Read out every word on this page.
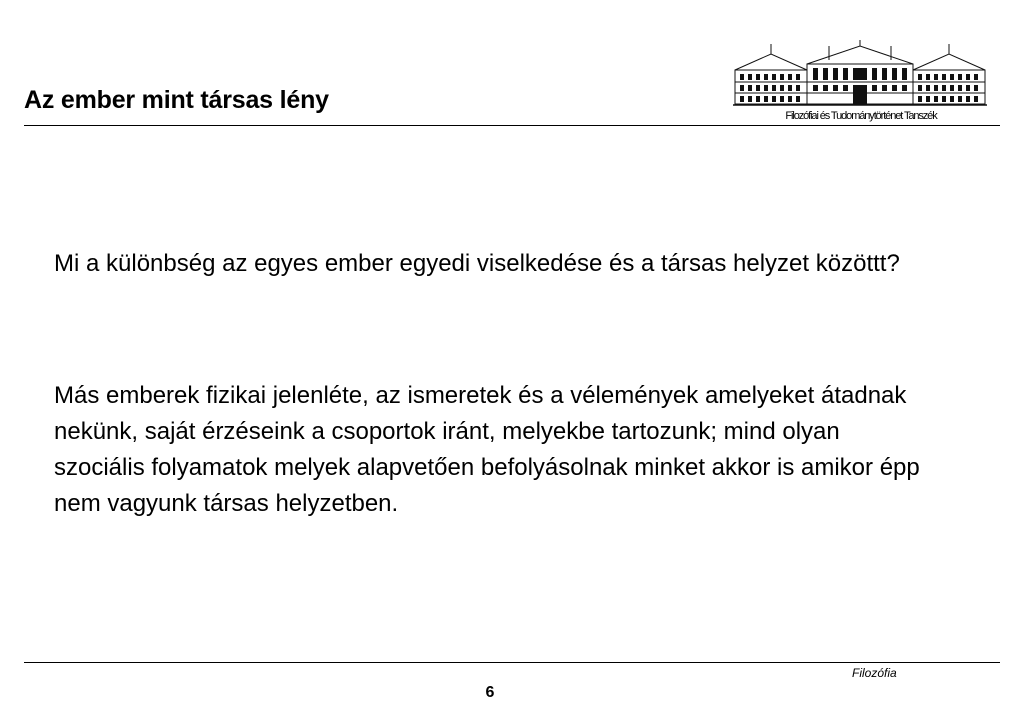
Az ember mint társas lény
Filozófiai és Tudománytörténet Tanszék
Mi a különbség az egyes ember egyedi viselkedése és a társas helyzet közöttt?
Más emberek fizikai jelenléte, az ismeretek és a vélemények amelyeket átadnak nekünk, saját érzéseink a csoportok iránt, melyekbe tartozunk; mind olyan szociális folyamatok melyek alapvetően befolyásolnak minket akkor is amikor épp nem vagyunk társas helyzetben.
Filozófia
6
